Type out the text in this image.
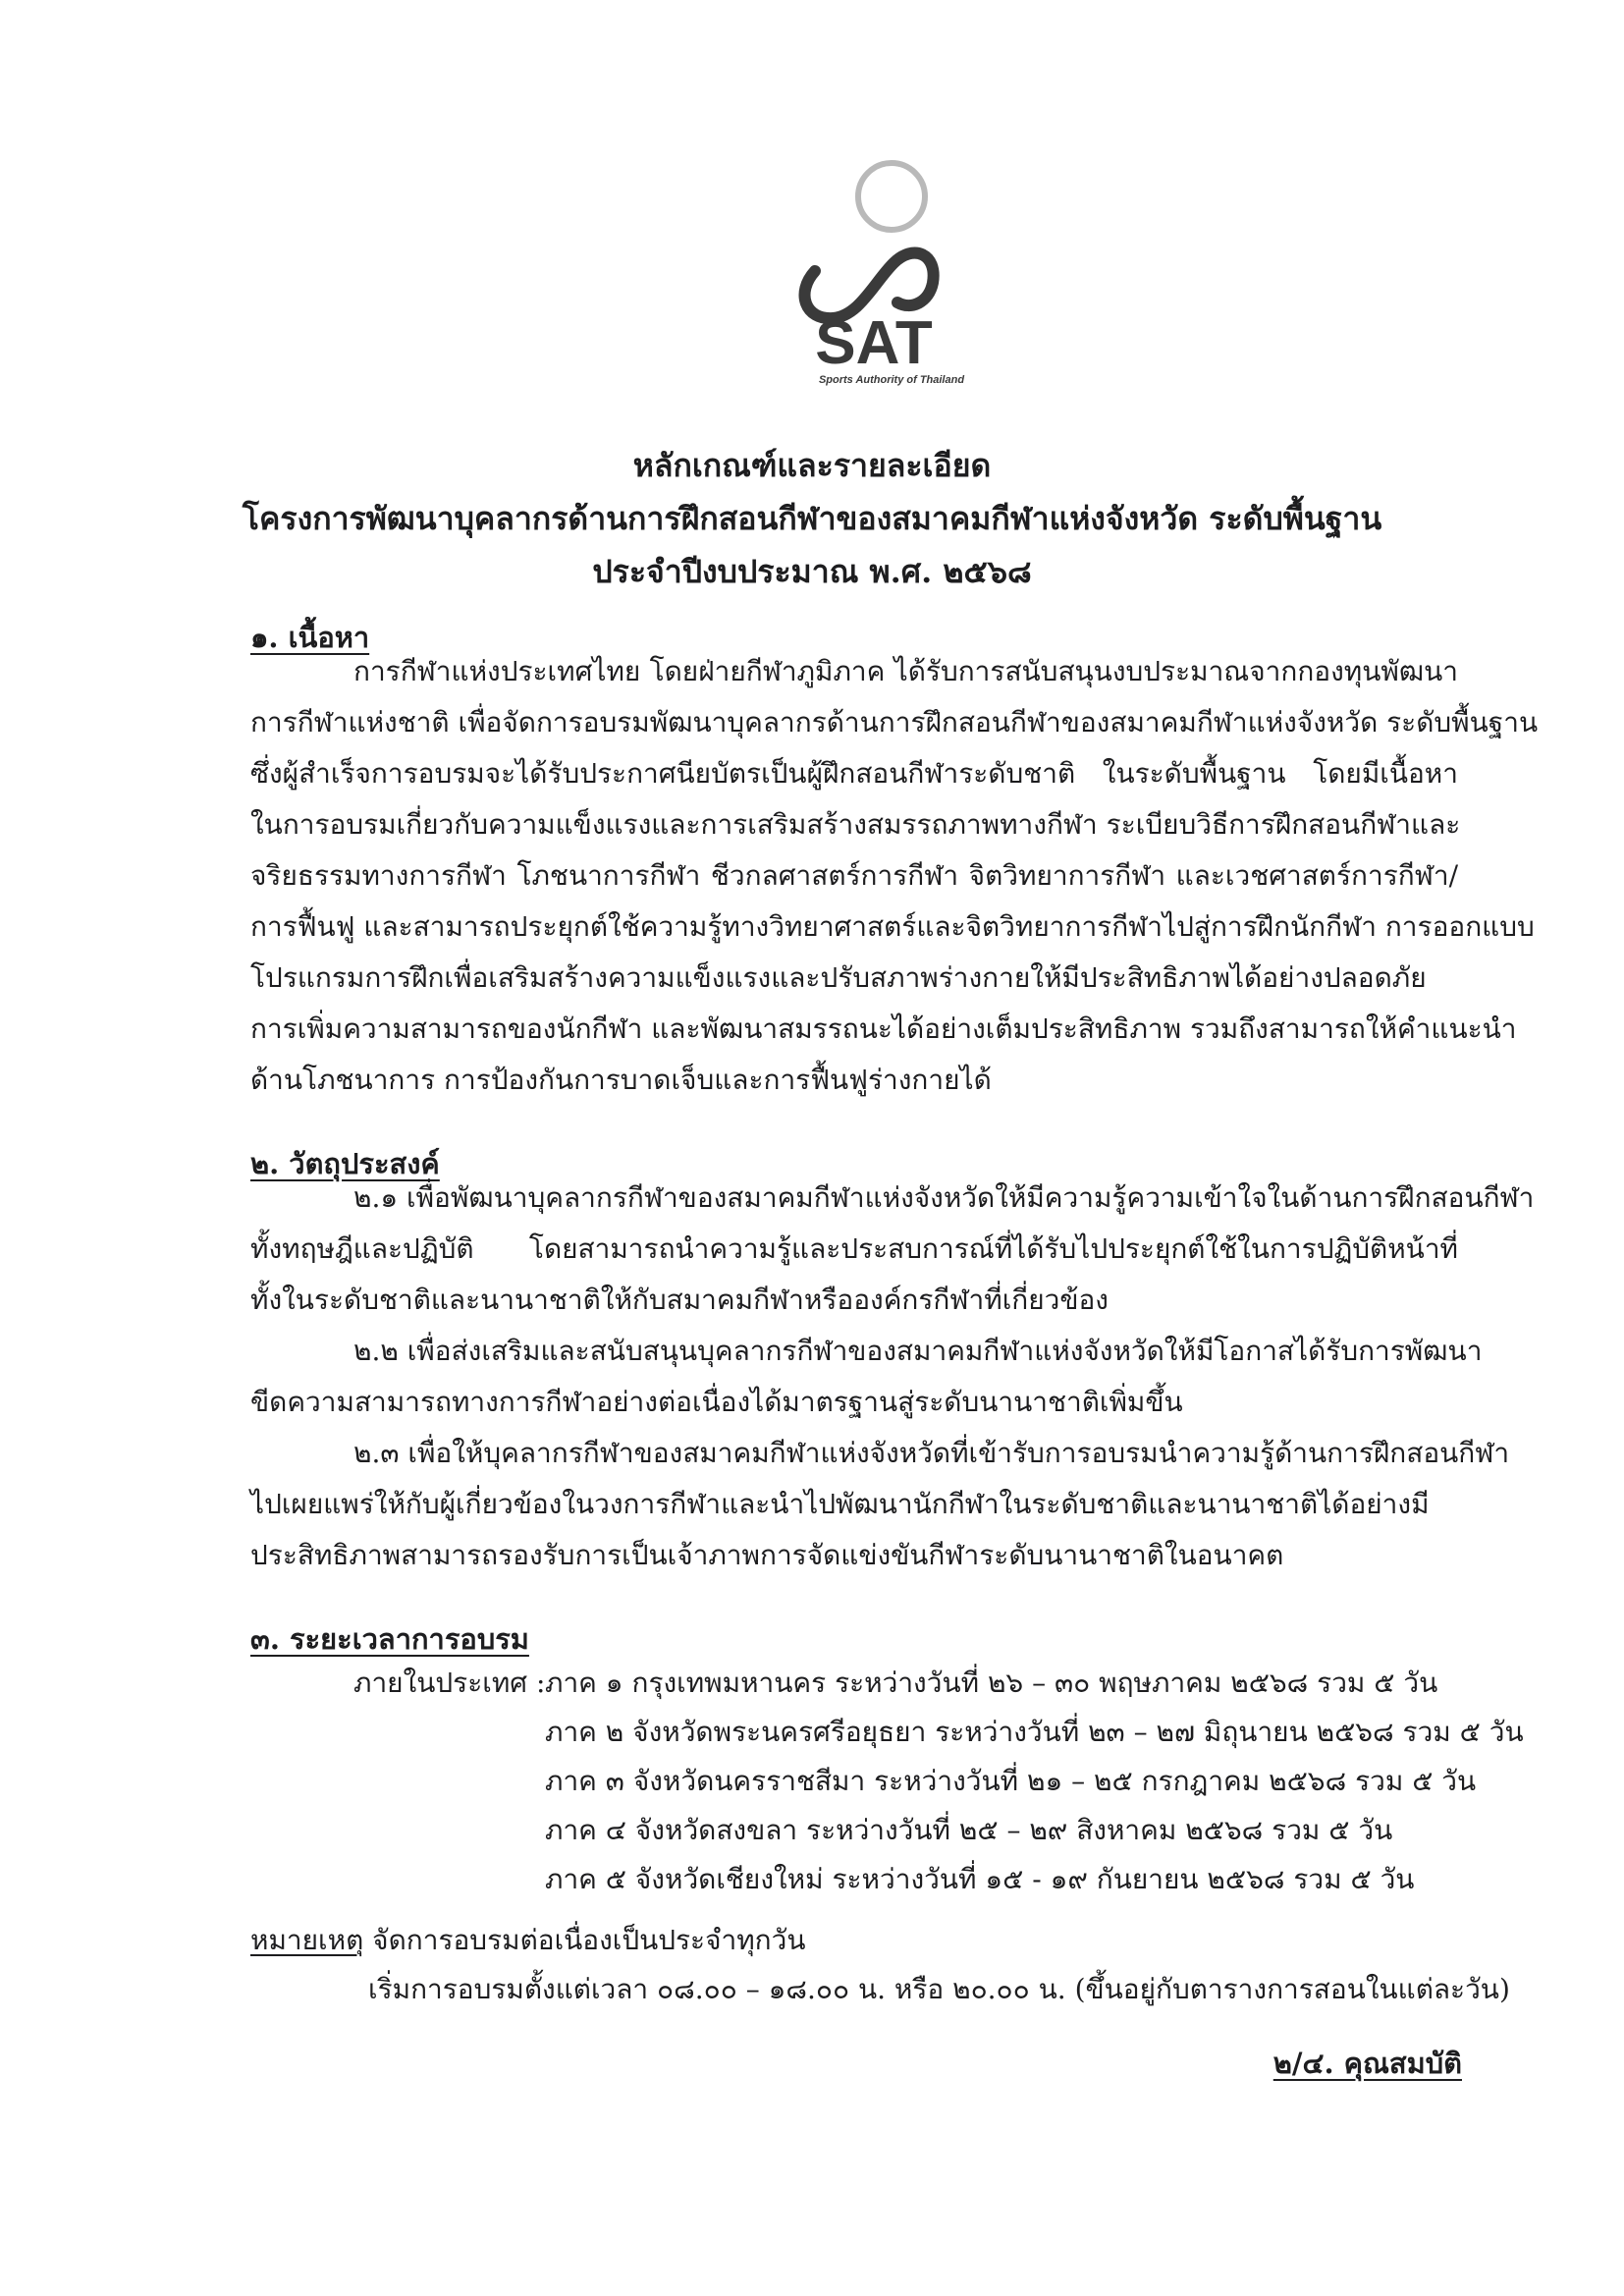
SAT
Sports Authority of Thailand
หลักเกณฑ์และรายละเอียด
โครงการพัฒนาบุคลากรด้านการฝึกสอนกีฬาของสมาคมกีฬาแห่งจังหวัด ระดับพื้นฐาน
ประจำปีงบประมาณ พ.ศ. ๒๕๖๘
๑. เนื้อหา
การกีฬาแห่งประเทศไทย โดยฝ่ายกีฬาภูมิภาค ได้รับการสนับสนุนงบประมาณจากกองทุนพัฒนา
การกีฬาแห่งชาติ เพื่อจัดการอบรมพัฒนาบุคลากรด้านการฝึกสอนกีฬาของสมาคมกีฬาแห่งจังหวัด ระดับพื้นฐาน
ซึ่งผู้สำเร็จการอบรมจะได้รับประกาศนียบัตรเป็นผู้ฝึกสอนกีฬาระดับชาติ ในระดับพื้นฐาน โดยมีเนื้อหา
ในการอบรมเกี่ยวกับความแข็งแรงและการเสริมสร้างสมรรถภาพทางกีฬา ระเบียบวิธีการฝึกสอนกีฬาและ
จริยธรรมทางการกีฬา โภชนาการกีฬา ชีวกลศาสตร์การกีฬา จิตวิทยาการกีฬา และเวชศาสตร์การกีฬา/
การฟื้นฟู และสามารถประยุกต์ใช้ความรู้ทางวิทยาศาสตร์และจิตวิทยาการกีฬาไปสู่การฝึกนักกีฬา การออกแบบ
โปรแกรมการฝึกเพื่อเสริมสร้างความแข็งแรงและปรับสภาพร่างกายให้มีประสิทธิภาพได้อย่างปลอดภัย
การเพิ่มความสามารถของนักกีฬา และพัฒนาสมรรถนะได้อย่างเต็มประสิทธิภาพ รวมถึงสามารถให้คำแนะนำ
ด้านโภชนาการ การป้องกันการบาดเจ็บและการฟื้นฟูร่างกายได้
๒. วัตถุประสงค์
๒.๑ เพื่อพัฒนาบุคลากรกีฬาของสมาคมกีฬาแห่งจังหวัดให้มีความรู้ความเข้าใจในด้านการฝึกสอนกีฬา
ทั้งทฤษฎีและปฏิบัติ โดยสามารถนำความรู้และประสบการณ์ที่ได้รับไปประยุกต์ใช้ในการปฏิบัติหน้าที่
ทั้งในระดับชาติและนานาชาติให้กับสมาคมกีฬาหรือองค์กรกีฬาที่เกี่ยวข้อง
๒.๒ เพื่อส่งเสริมและสนับสนุนบุคลากรกีฬาของสมาคมกีฬาแห่งจังหวัดให้มีโอกาสได้รับการพัฒนา
ขีดความสามารถทางการกีฬาอย่างต่อเนื่องได้มาตรฐานสู่ระดับนานาชาติเพิ่มขึ้น
๒.๓ เพื่อให้บุคลากรกีฬาของสมาคมกีฬาแห่งจังหวัดที่เข้ารับการอบรมนำความรู้ด้านการฝึกสอนกีฬา
ไปเผยแพร่ให้กับผู้เกี่ยวข้องในวงการกีฬาและนำไปพัฒนานักกีฬาในระดับชาติและนานาชาติได้อย่างมี
ประสิทธิภาพสามารถรองรับการเป็นเจ้าภาพการจัดแข่งขันกีฬาระดับนานาชาติในอนาคต
๓. ระยะเวลาการอบรม
ภายในประเทศ : ภาค ๑ กรุงเทพมหานคร ระหว่างวันที่ ๒๖ – ๓๐ พฤษภาคม ๒๕๖๘ รวม ๕ วัน
ภาค ๒ จังหวัดพระนครศรีอยุธยา ระหว่างวันที่ ๒๓ – ๒๗ มิถุนายน ๒๕๖๘ รวม ๕ วัน
ภาค ๓ จังหวัดนครราชสีมา ระหว่างวันที่ ๒๑ – ๒๕ กรกฎาคม ๒๕๖๘ รวม ๕ วัน
ภาค ๔ จังหวัดสงขลา ระหว่างวันที่ ๒๕ – ๒๙ สิงหาคม ๒๕๖๘ รวม ๕ วัน
ภาค ๕ จังหวัดเชียงใหม่ ระหว่างวันที่ ๑๕ - ๑๙ กันยายน ๒๕๖๘ รวม ๕ วัน
หมายเหตุ จัดการอบรมต่อเนื่องเป็นประจำทุกวัน
เริ่มการอบรมตั้งแต่เวลา ๐๘.๐๐ – ๑๘.๐๐ น. หรือ ๒๐.๐๐ น. (ขึ้นอยู่กับตารางการสอนในแต่ละวัน)
๒/๔. คุณสมบัติ
